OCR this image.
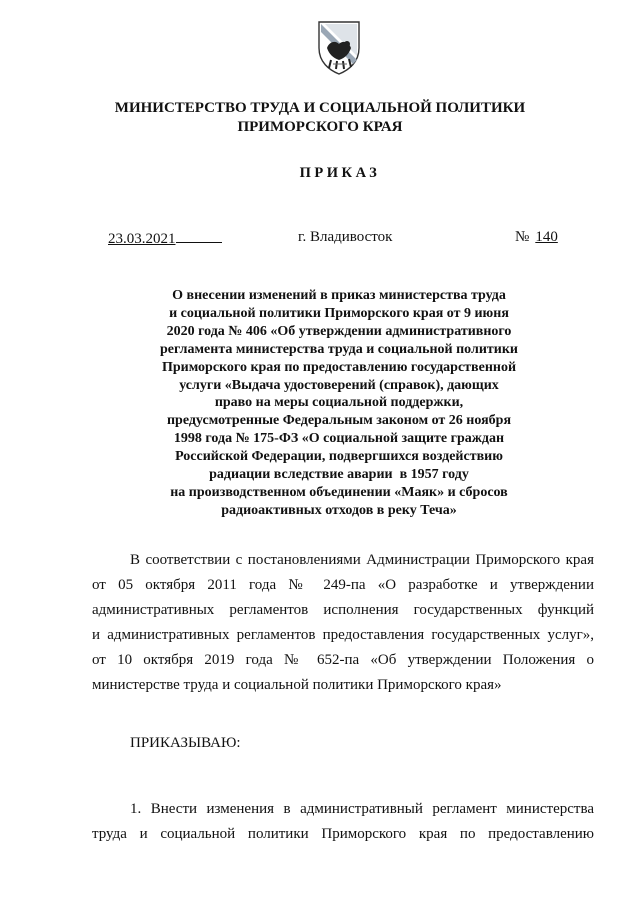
МИНИСТЕРСТВО ТРУДА И СОЦИАЛЬНОЙ ПОЛИТИКИ
ПРИМОРСКОГО КРАЯ
ПРИКАЗ
23.03.2021	г. Владивосток	№ 140
О внесении изменений в приказ министерства труда
и социальной политики Приморского края от 9 июня
2020 года № 406 «Об утверждении административного
регламента министерства труда и социальной политики
Приморского края по предоставлению государственной
услуги «Выдача удостоверений (справок), дающих
право на меры социальной поддержки,
предусмотренные Федеральным законом от 26 ноября
1998 года № 175-ФЗ «О социальной защите граждан
Российской Федерации, подвергшихся воздействию
радиации вследствие аварии  в 1957 году
на производственном объединении «Маяк» и сбросов
радиоактивных отходов в реку Теча»
В соответствии с постановлениями Администрации Приморского края
от 05 октября 2011 года № 249-па «О разработке и утверждении
административных регламентов исполнения государственных функций
и административных регламентов предоставления государственных услуг»,
от 10 октября 2019 года № 652-па «Об утверждении Положения о
министерстве труда и социальной политики Приморского края»
ПРИКАЗЫВАЮ:
1. Внести изменения в административный регламент министерства
труда и социальной политики Приморского края по предоставлению
